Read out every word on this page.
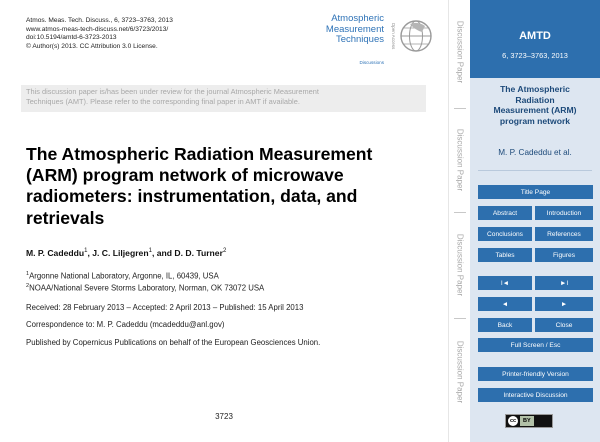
Atmos. Meas. Tech. Discuss., 6, 3723–3763, 2013
www.atmos-meas-tech-discuss.net/6/3723/2013/
doi:10.5194/amtd-6-3723-2013
© Author(s) 2013. CC Attribution 3.0 License.
Atmospheric
Measurement
Techniques
Discussions
Open Access
This discussion paper is/has been under review for the journal Atmospheric Measurement
Techniques (AMT). Please refer to the corresponding final paper in AMT if available.
The Atmospheric Radiation Measurement
(ARM) program network of microwave
radiometers: instrumentation, data, and
retrievals
M. P. Cadeddu$^1$, J. C. Liljegren$^1$, and D. D. Turner$^2$
$^1$Argonne National Laboratory, Argonne, IL, 60439, USA
$^2$NOAA/National Severe Storms Laboratory, Norman, OK 73072 USA
Received: 28 February 2013 – Accepted: 2 April 2013 – Published: 15 April 2013
Correspondence to: M. P. Cadeddu (mcadeddu@anl.gov)
Published by Copernicus Publications on behalf of the European Geosciences Union.
3723
Discussion Paper
Discussion Paper
Discussion Paper
Discussion Paper
AMTD
6, 3723–3763, 2013
The Atmospheric
Radiation
Measurement (ARM)
program network
M. P. Cadeddu et al.
Title Page
Abstract	Introduction
Conclusions	References
Tables	Figures
I◄	►I
◄	►
Back	Close
Full Screen / Esc
Printer-friendly Version
Interactive Discussion
cc	BY
